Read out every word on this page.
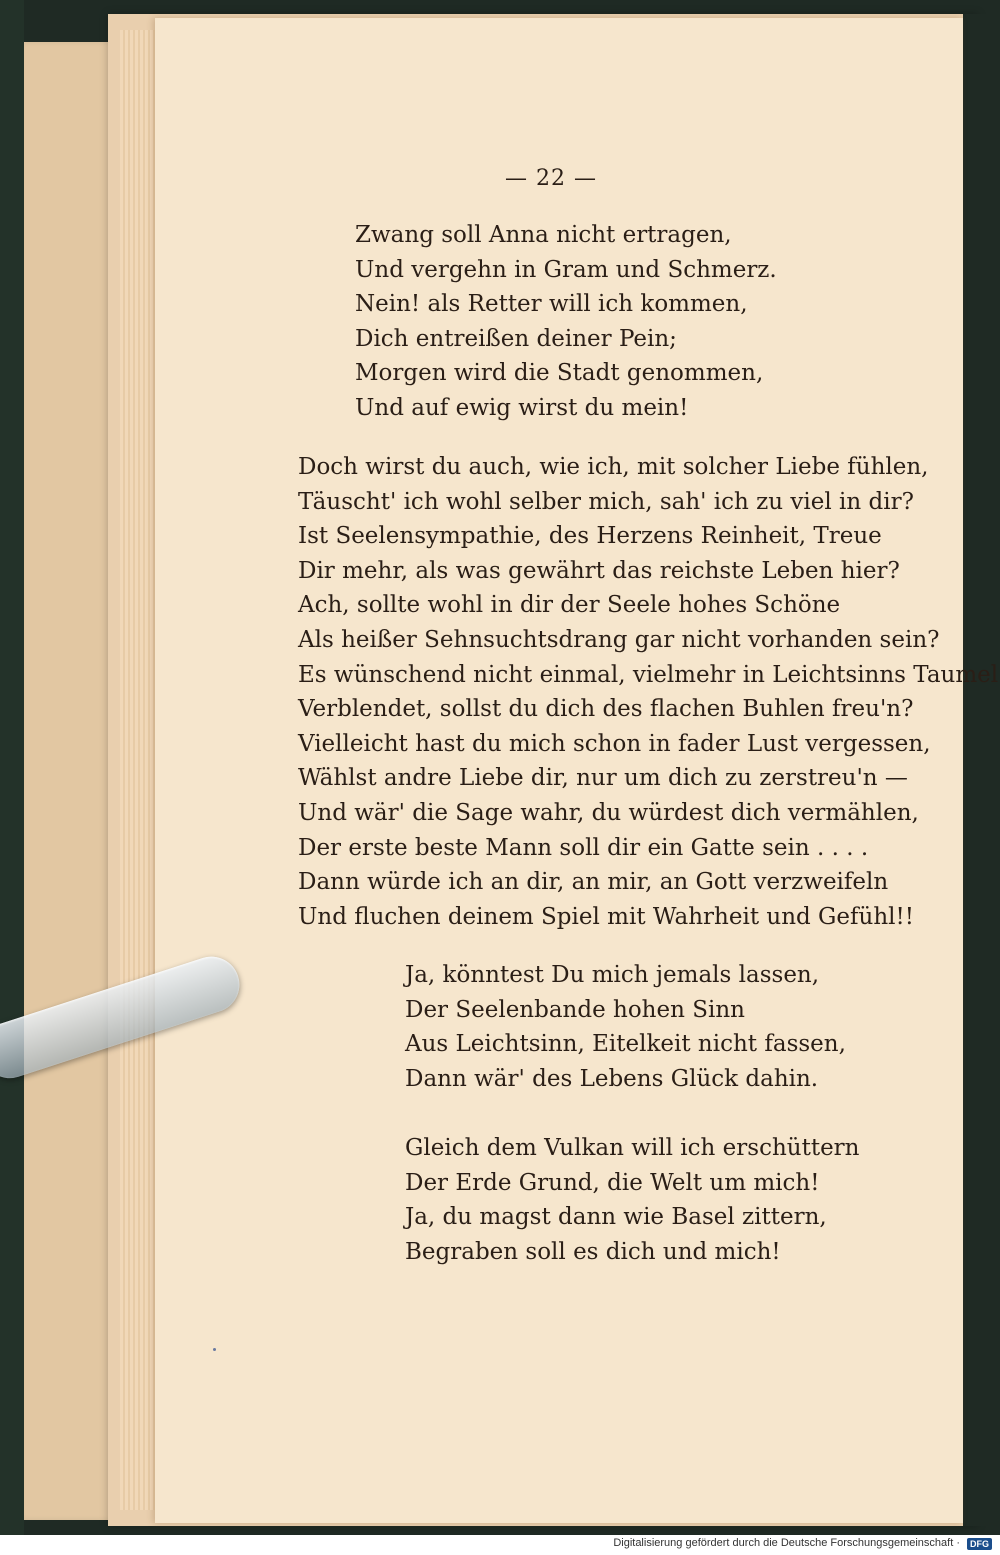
— 22 —
Zwang soll Anna nicht ertragen,
Und vergehn in Gram und Schmerz.
Nein! als Retter will ich kommen,
Dich entreißen deiner Pein;
Morgen wird die Stadt genommen,
Und auf ewig wirst du mein!
Doch wirst du auch, wie ich, mit solcher Liebe fühlen,
Täuscht' ich wohl selber mich, sah' ich zu viel in dir?
Ist Seelensympathie, des Herzens Reinheit, Treue
Dir mehr, als was gewährt das reichste Leben hier?
Ach, sollte wohl in dir der Seele hohes Schöne
Als heißer Sehnsuchtsdrang gar nicht vorhanden sein?
Es wünschend nicht einmal, vielmehr in Leichtsinns Taumel
Verblendet, sollst du dich des flachen Buhlen freu'n?
Vielleicht hast du mich schon in fader Lust vergessen,
Wählst andre Liebe dir, nur um dich zu zerstreu'n —
Und wär' die Sage wahr, du würdest dich vermählen,
Der erste beste Mann soll dir ein Gatte sein . . . .
Dann würde ich an dir, an mir, an Gott verzweifeln
Und fluchen deinem Spiel mit Wahrheit und Gefühl!!
Ja, könntest Du mich jemals lassen,
Der Seelenbande hohen Sinn
Aus Leichtsinn, Eitelkeit nicht fassen,
Dann wär' des Lebens Glück dahin.
Gleich dem Vulkan will ich erschüttern
Der Erde Grund, die Welt um mich!
Ja, du magst dann wie Basel zittern,
Begraben soll es dich und mich!
Digitalisierung gefördert durch die Deutsche Forschungsgemeinschaft ·	DFG
